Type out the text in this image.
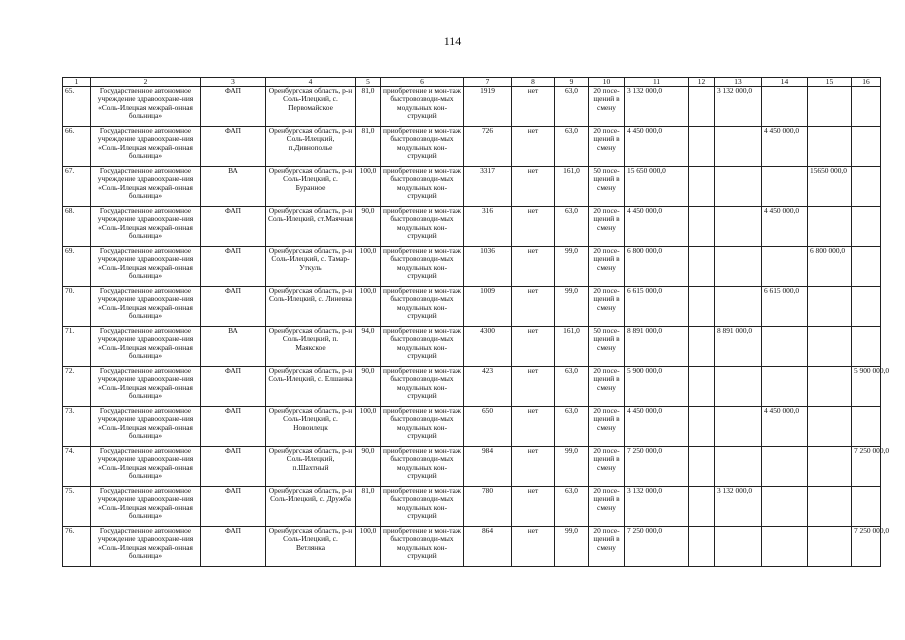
114
1	2	3	4	5	6	7	8	9	10	11	12	13	14	15	16
65.	Государственное автономное учреждение здравоохране-ния «Соль-Илецкая межрай-онная больница»	ФАП	Оренбургская область, р-н Соль-Илецкий, с. Первомайское	81,0	приобретение и мон-таж быстровозводи-мых модульных кон-струкций	1919	нет	63,0	20 посе-щений в смену	3 132 000,0		3 132 000,0			
66.	Государственное автономное учреждение здравоохране-ния «Соль-Илецкая межрай-онная больница»	ФАП	Оренбургская область, р-н Соль-Илецкий, п.Дивнополье	81,0	приобретение и мон-таж быстровозводи-мых модульных кон-струкций	726	нет	63,0	20 посе-щений в смену	4 450 000,0			4 450 000,0		
67.	Государственное автономное учреждение здравоохране-ния «Соль-Илецкая межрай-онная больница»	ВА	Оренбургская область, р-н Соль-Илецкий, с. Буранное	100,0	приобретение и мон-таж быстровозводи-мых модульных кон-струкций	3317	нет	161,0	50 посе-щений в смену	15 650 000,0				15650 000,0	
68.	Государственное автономное учреждение здравоохране-ния «Соль-Илецкая межрай-онная больница»	ФАП	Оренбургская область, р-н Соль-Илецкий, ст.Маячная	90,0	приобретение и мон-таж быстровозводи-мых модульных кон-струкций	316	нет	63,0	20 посе-щений в смену	4 450 000,0			4 450 000,0		
69.	Государственное автономное учреждение здравоохране-ния «Соль-Илецкая межрай-онная больница»	ФАП	Оренбургская область, р-н Соль-Илецкий, с. Тамар-Уткуль	100,0	приобретение и мон-таж быстровозводи-мых модульных кон-струкций	1036	нет	99,0	20 посе-щений в смену	6 800 000,0				6 800 000,0	
70.	Государственное автономное учреждение здравоохране-ния «Соль-Илецкая межрай-онная больница»	ФАП	Оренбургская область, р-н Соль-Илецкий, с. Линевка	100,0	приобретение и мон-таж быстровозводи-мых модульных кон-струкций	1009	нет	99,0	20 посе-щений в смену	6 615 000,0			6 615 000,0		
71.	Государственное автономное учреждение здравоохране-ния «Соль-Илецкая межрай-онная больница»	ВА	Оренбургская область, р-н Соль-Илецкий, п. Маякское	94,0	приобретение и мон-таж быстровозводи-мых модульных кон-струкций	4300	нет	161,0	50 посе-щений в смену	8 891 000,0		8 891 000,0			
72.	Государственное автономное учреждение здравоохране-ния «Соль-Илецкая межрай-онная больница»	ФАП	Оренбургская область, р-н Соль-Илецкий, с. Елшанка	90,0	приобретение и мон-таж быстровозводи-мых модульных кон-струкций	423	нет	63,0	20 посе-щений в смену	5 900 000,0					5 900 000,0
73.	Государственное автономное учреждение здравоохране-ния «Соль-Илецкая межрай-онная больница»	ФАП	Оренбургская область, р-н Соль-Илецкий, с. Новоилецк	100,0	приобретение и мон-таж быстровозводи-мых модульных кон-струкций	650	нет	63,0	20 посе-щений в смену	4 450 000,0			4 450 000,0		
74.	Государственное автономное учреждение здравоохране-ния «Соль-Илецкая межрай-онная больница»	ФАП	Оренбургская область, р-н Соль-Илецкий, п.Шахтный	90,0	приобретение и мон-таж быстровозводи-мых модульных кон-струкций	984	нет	99,0	20 посе-щений в смену	7 250 000,0					7 250 000,0
75.	Государственное автономное учреждение здравоохране-ния «Соль-Илецкая межрай-онная больница»	ФАП	Оренбургская область, р-н Соль-Илецкий, с. Дружба	81,0	приобретение и мон-таж быстровозводи-мых модульных кон-струкций	780	нет	63,0	20 посе-щений в смену	3 132 000,0		3 132 000,0			
76.	Государственное автономное учреждение здравоохране-ния «Соль-Илецкая межрай-онная больница»	ФАП	Оренбургская область, р-н Соль-Илецкий, с. Ветлянка	100,0	приобретение и мон-таж быстровозводи-мых модульных кон-струкций	864	нет	99,0	20 посе-щений в смену	7 250 000,0					7 250 000,0
